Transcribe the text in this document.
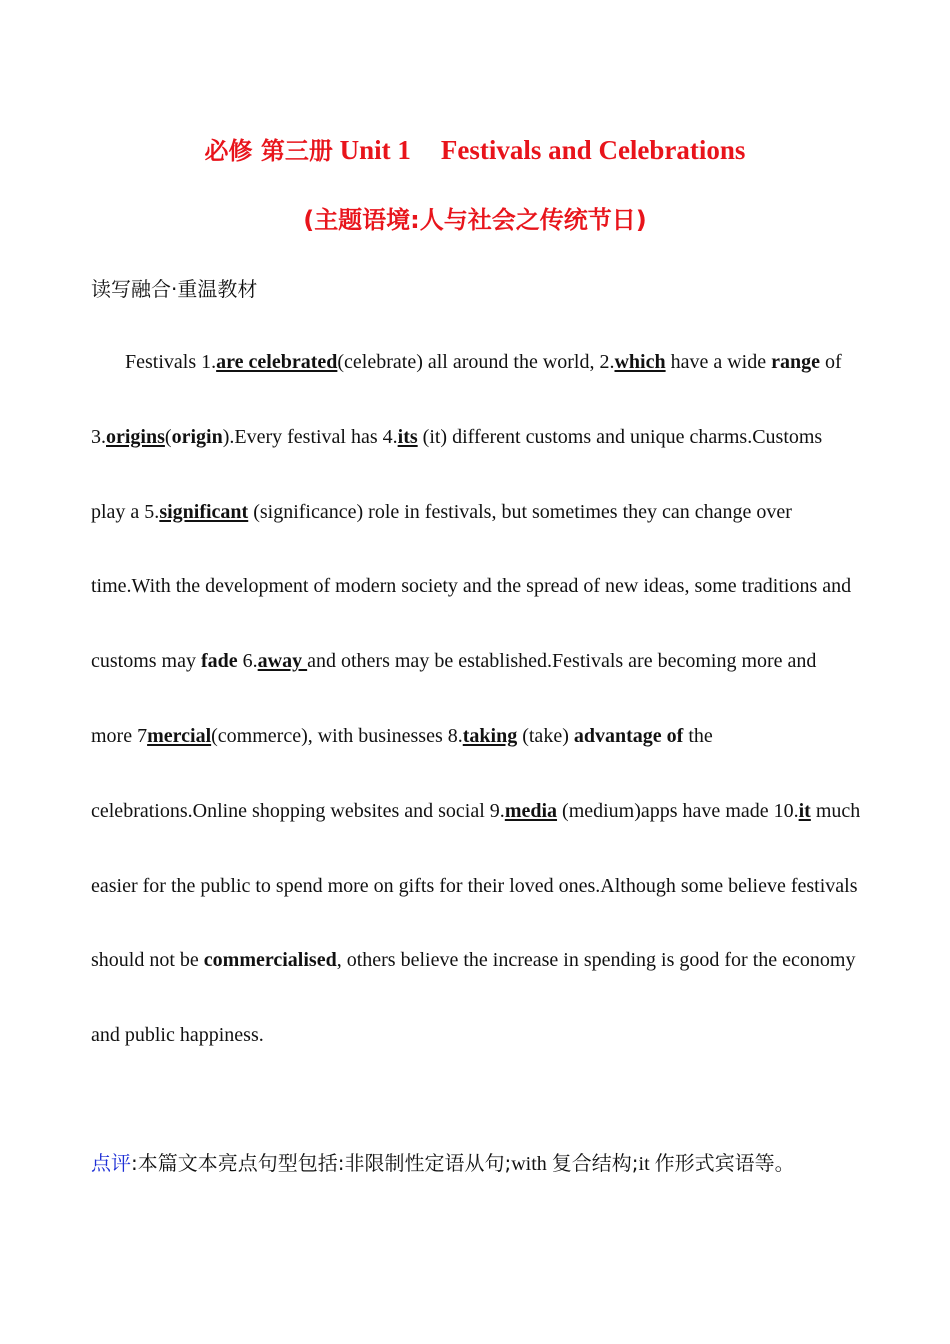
必修 第三册 Unit 1 Festivals and Celebrations
(主题语境:人与社会之传统节日)
读写融合·重温教材

Festivals 1.are celebrated(celebrate) all around the world, 2.which have a wide range of 3.origins(origin).Every festival has 4.its (it) different customs and unique charms.Customs play a 5.significant (significance) role in festivals, but sometimes they can change over time.With the development of modern society and the spread of new ideas, some traditions and customs may fade 6.away and others may be established.Festivals are becoming more and more 7mercial(commerce), with businesses 8.taking (take) advantage of the celebrations.Online shopping websites and social 9.media (medium)apps have made 10.it much easier for the public to spend more on gifts for their loved ones.Although some believe festivals should not be commercialised, others believe the increase in spending is good for the economy and public happiness.

点评:本篇文本亮点句型包括:非限制性定语从句;with 复合结构;it 作形式宾语等。
